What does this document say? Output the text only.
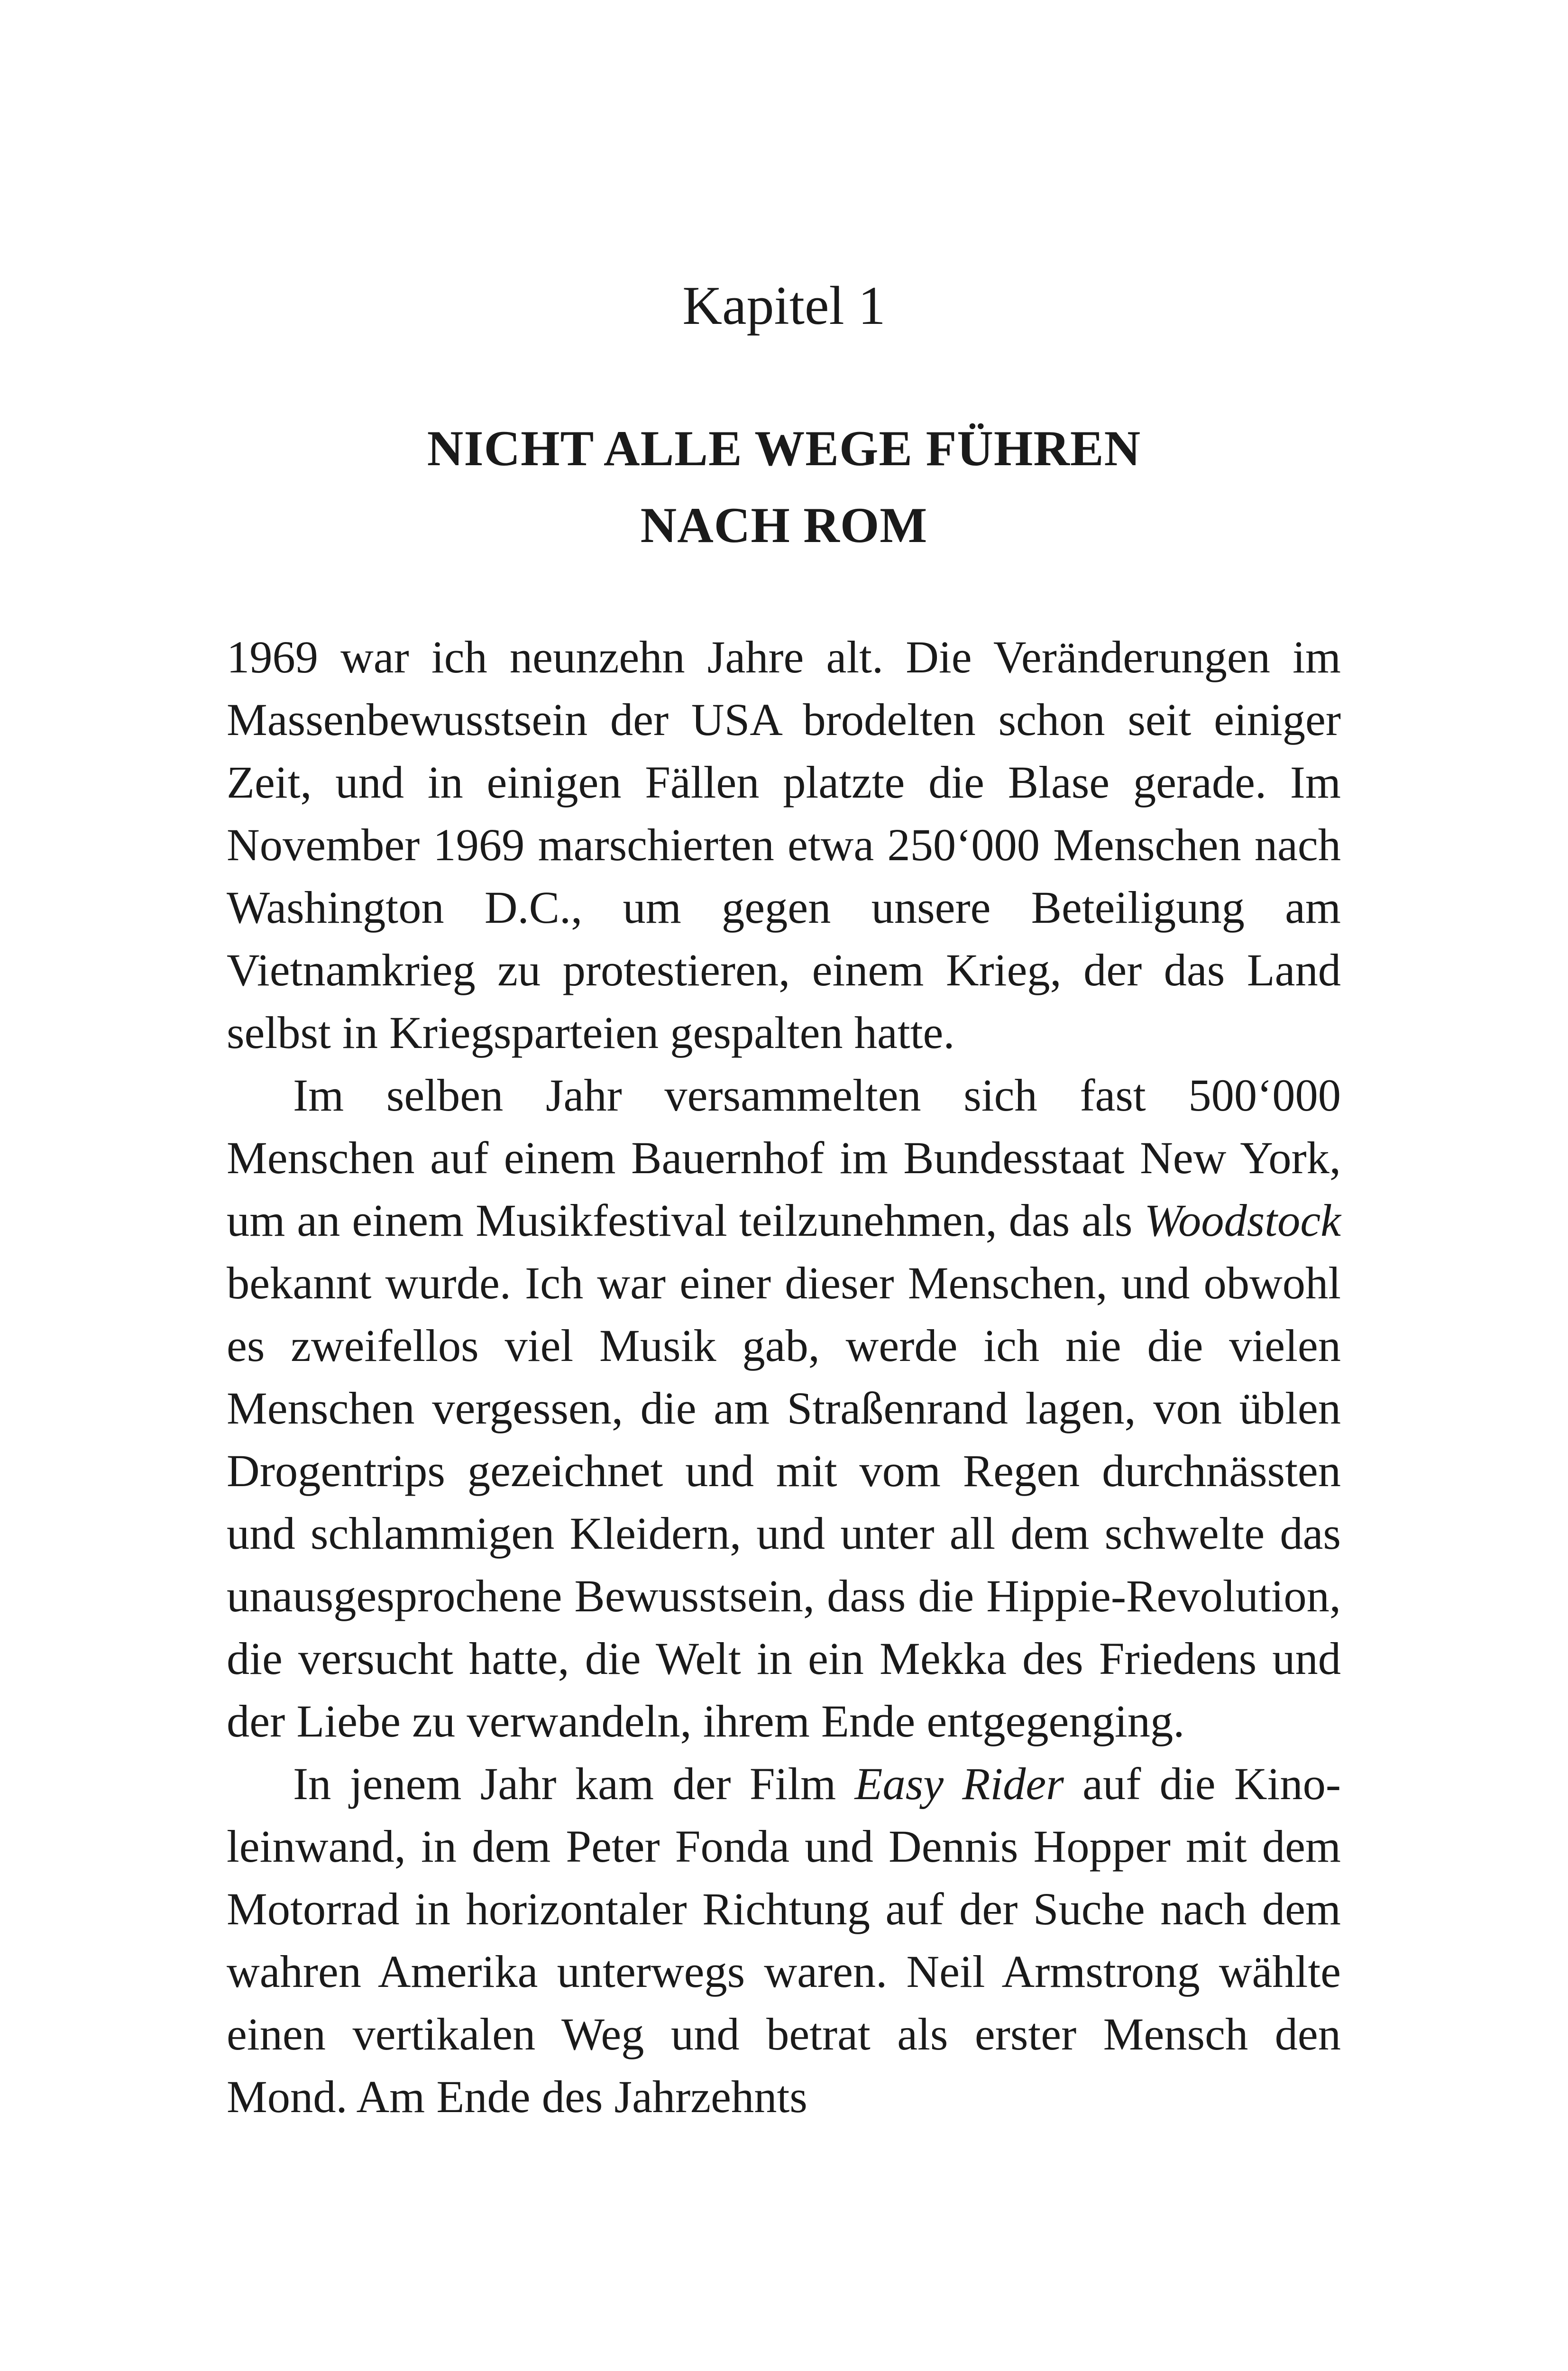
Kapitel 1
NICHT ALLE WEGE FÜHREN
NACH ROM

1969 war ich neunzehn Jahre alt. Die Veränderungen im Massenbewusstsein der USA brodelten schon seit einiger Zeit, und in einigen Fällen platzte die Blase gerade. Im November 1969 marschierten etwa 250‘000 Menschen nach Washington D.C., um gegen unsere Beteiligung am Vietnamkrieg zu protestieren, einem Krieg, der das Land selbst in Kriegsparteien gespalten hatte.

Im selben Jahr versammelten sich fast 500‘000 Menschen auf einem Bauernhof im Bundesstaat New York, um an einem Musikfestival teilzunehmen, das als Woodstock bekannt wurde. Ich war einer dieser Menschen, und obwohl es zweifellos viel Musik gab, werde ich nie die vielen Menschen vergessen, die am Straßenrand lagen, von üblen Drogentrips gezeichnet und mit vom Regen durchnässten und schlammigen Kleidern, und unter all dem schwelte das unausgesprochene Bewusstsein, dass die Hippie-Revolution, die versucht hatte, die Welt in ein Mekka des Friedens und der Liebe zu verwandeln, ihrem Ende entgegenging.

In jenem Jahr kam der Film Easy Rider auf die Kinoleinwand, in dem Peter Fonda und Dennis Hopper mit dem Motorrad in horizontaler Richtung auf der Suche nach dem wahren Amerika unterwegs waren. Neil Armstrong wählte einen vertikalen Weg und betrat als erster Mensch den Mond. Am Ende des Jahrzehnts
